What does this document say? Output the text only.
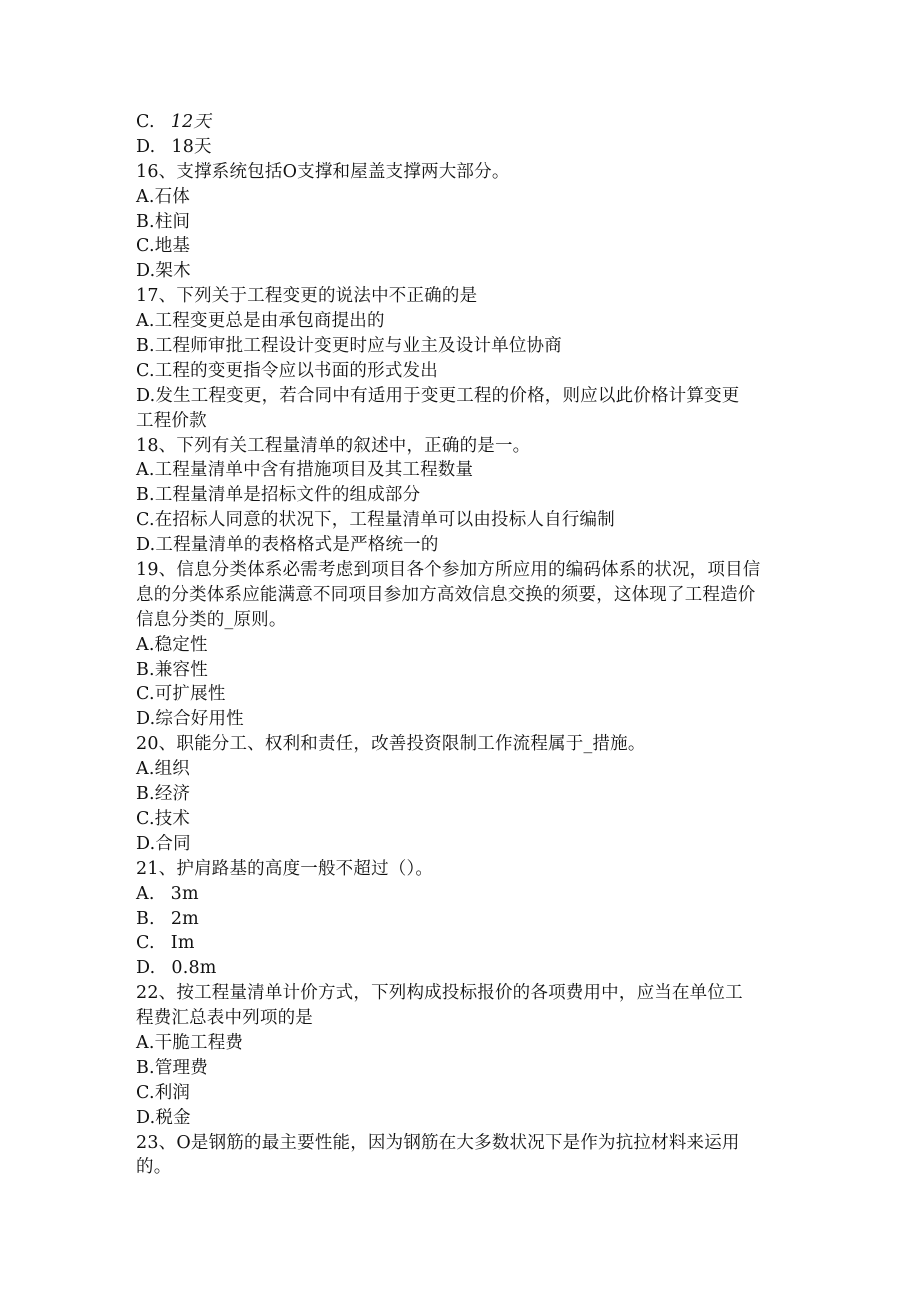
C. 12天
D. 18天
16、支撑系统包括O支撑和屋盖支撑两大部分。
A.石体
B.柱间
C.地基
D.架木
17、下列关于工程变更的说法中不正确的是
A.工程变更总是由承包商提出的
B.工程师审批工程设计变更时应与业主及设计单位协商
C.工程的变更指令应以书面的形式发出
D.发生工程变更，若合同中有适用于变更工程的价格，则应以此价格计算变更
工程价款
18、下列有关工程量清单的叙述中，正确的是一。
A.工程量清单中含有措施项目及其工程数量
B.工程量清单是招标文件的组成部分
C.在招标人同意的状况下，工程量清单可以由投标人自行编制
D.工程量清单的表格格式是严格统一的
19、信息分类体系必需考虑到项目各个参加方所应用的编码体系的状况，项目信
息的分类体系应能满意不同项目参加方高效信息交换的须要，这体现了工程造价
信息分类的_原则。
A.稳定性
B.兼容性
C.可扩展性
D.综合好用性
20、职能分工、权利和责任，改善投资限制工作流程属于_措施。
A.组织
B.经济
C.技术
D.合同
21、护肩路基的高度一般不超过（）。
A. 3m
B. 2m
C. Im
D. 0.8m
22、按工程量清单计价方式，下列构成投标报价的各项费用中，应当在单位工
程费汇总表中列项的是
A.干脆工程费
B.管理费
C.利润
D.税金
23、O是钢筋的最主要性能，因为钢筋在大多数状况下是作为抗拉材料来运用
的。
